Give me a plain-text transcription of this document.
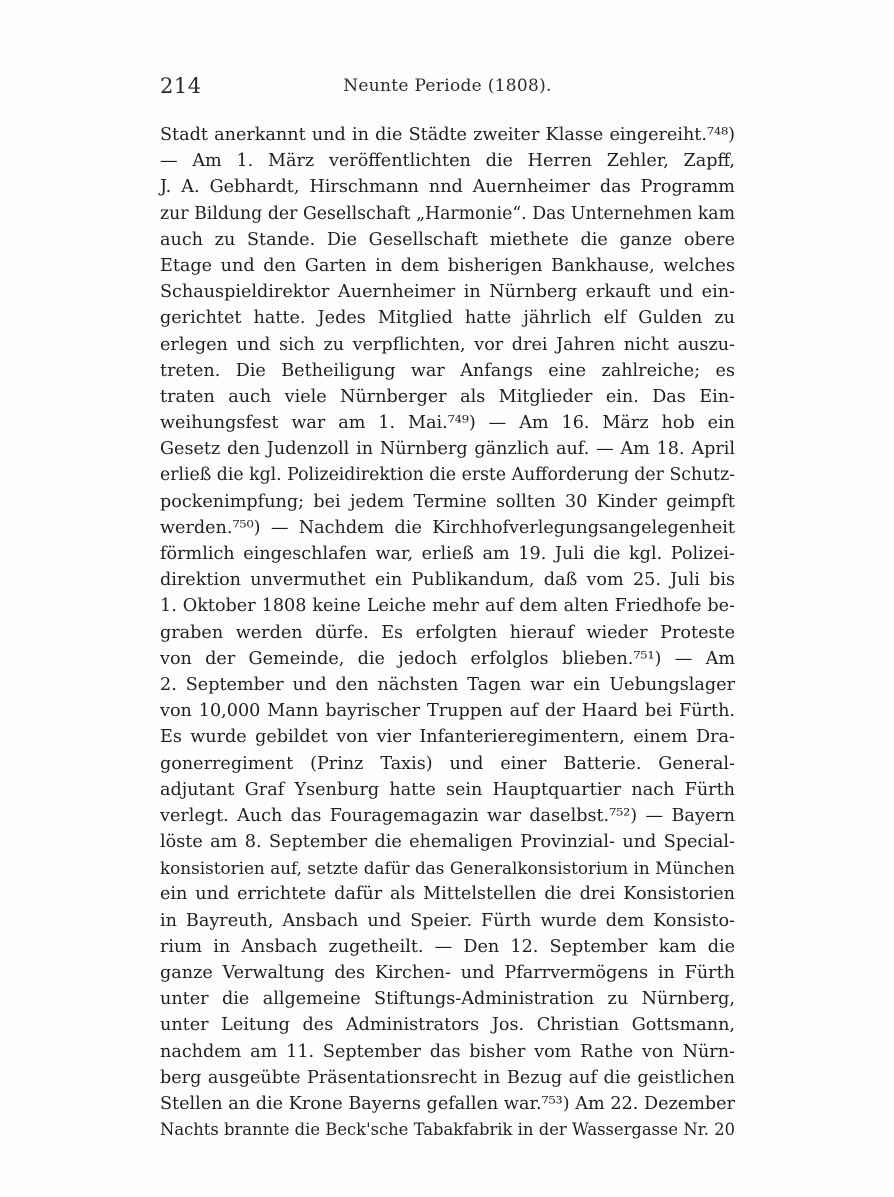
214	Neunte Periode (1808).
Stadt anerkannt und in die Städte zweiter Klasse eingereiht.⁷⁴⁸)
— Am 1. März veröffentlichten die Herren Zehler, Zapff,
J. A. Gebhardt, Hirschmann nnd Auernheimer das Programm
zur Bildung der Gesellschaft „Harmonie“. Das Unternehmen kam
auch zu Stande. Die Gesellschaft miethete die ganze obere
Etage und den Garten in dem bisherigen Bankhause, welches
Schauspieldirektor Auernheimer in Nürnberg erkauft und ein-
gerichtet hatte. Jedes Mitglied hatte jährlich elf Gulden zu
erlegen und sich zu verpflichten, vor drei Jahren nicht auszu-
treten. Die Betheiligung war Anfangs eine zahlreiche; es
traten auch viele Nürnberger als Mitglieder ein. Das Ein-
weihungsfest war am 1. Mai.⁷⁴⁹) — Am 16. März hob ein
Gesetz den Judenzoll in Nürnberg gänzlich auf. — Am 18. April
erließ die kgl. Polizeidirektion die erste Aufforderung der Schutz-
pockenimpfung; bei jedem Termine sollten 30 Kinder geimpft
werden.⁷⁵⁰) — Nachdem die Kirchhofverlegungsangelegenheit
förmlich eingeschlafen war, erließ am 19. Juli die kgl. Polizei-
direktion unvermuthet ein Publikandum, daß vom 25. Juli bis
1. Oktober 1808 keine Leiche mehr auf dem alten Friedhofe be-
graben werden dürfe. Es erfolgten hierauf wieder Proteste
von der Gemeinde, die jedoch erfolglos blieben.⁷⁵¹) — Am
2. September und den nächsten Tagen war ein Uebungslager
von 10,000 Mann bayrischer Truppen auf der Haard bei Fürth.
Es wurde gebildet von vier Infanterieregimentern, einem Dra-
gonerregiment (Prinz Taxis) und einer Batterie. General-
adjutant Graf Ysenburg hatte sein Hauptquartier nach Fürth
verlegt. Auch das Fouragemagazin war daselbst.⁷⁵²) — Bayern
löste am 8. September die ehemaligen Provinzial- und Special-
konsistorien auf, setzte dafür das Generalkonsistorium in München
ein und errichtete dafür als Mittelstellen die drei Konsistorien
in Bayreuth, Ansbach und Speier. Fürth wurde dem Konsisto-
rium in Ansbach zugetheilt. — Den 12. September kam die
ganze Verwaltung des Kirchen- und Pfarrvermögens in Fürth
unter die allgemeine Stiftungs-Administration zu Nürnberg,
unter Leitung des Administrators Jos. Christian Gottsmann,
nachdem am 11. September das bisher vom Rathe von Nürn-
berg ausgeübte Präsentationsrecht in Bezug auf die geistlichen
Stellen an die Krone Bayerns gefallen war.⁷⁵³) Am 22. Dezember
Nachts brannte die Beck'sche Tabakfabrik in der Wassergasse Nr. 20
